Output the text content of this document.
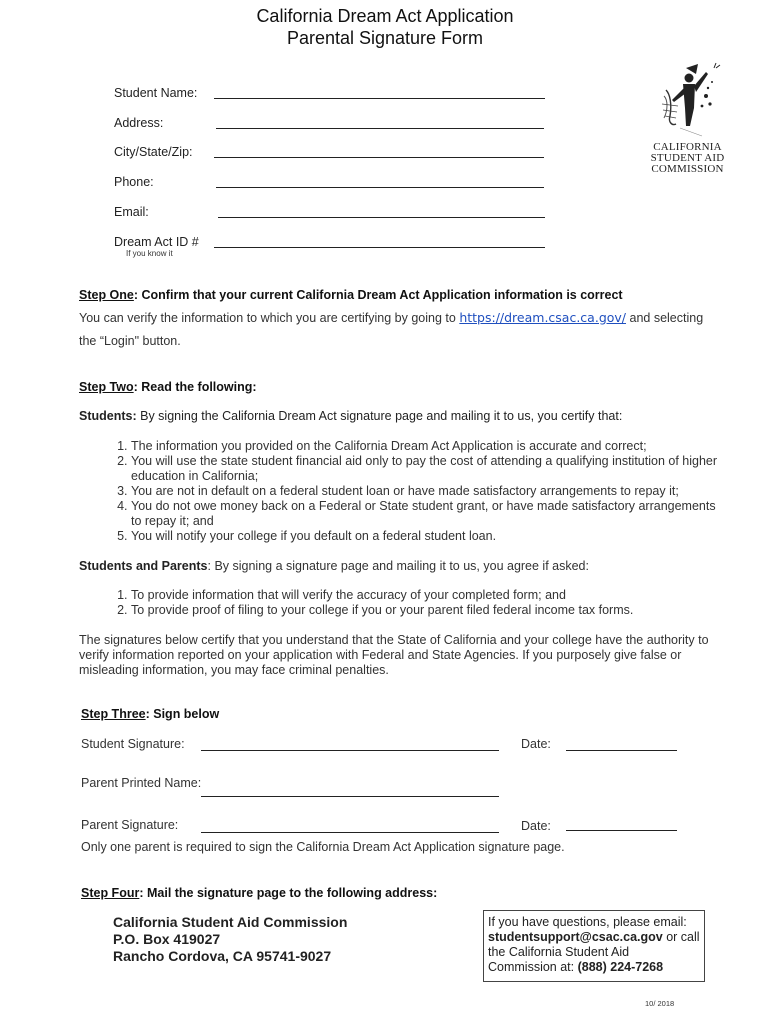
California Dream Act Application
Parental Signature Form
CALIFORNIA
STUDENT AID
COMMISSION
Student Name:
Address:
City/State/Zip:
Phone:
Email:
Dream Act ID #
If you know it
Step One: Confirm that your current California Dream Act Application information is correct
You can verify the information to which you are certifying by going to https://dream.csac.ca.gov/ and selecting
the “Login" button.
Step Two: Read the following:
Students: By signing the California Dream Act signature page and mailing it to us, you certify that:
1. The information you provided on the California Dream Act Application is accurate and correct;
2. You will use the state student financial aid only to pay the cost of attending a qualifying institution of higher education in California;
3. You are not in default on a federal student loan or have made satisfactory arrangements to repay it;
4. You do not owe money back on a Federal or State student grant, or have made satisfactory arrangements to repay it; and
5. You will notify your college if you default on a federal student loan.
Students and Parents: By signing a signature page and mailing it to us, you agree if asked:
1. To provide information that will verify the accuracy of your completed form; and
2. To provide proof of filing to your college if you or your parent filed federal income tax forms.
The signatures below certify that you understand that the State of California and your college have the authority to verify information reported on your application with Federal and State Agencies. If you purposely give false or misleading information, you may face criminal penalties.
Step Three: Sign below
Student Signature:	Date:
Parent Printed Name:
Parent Signature:	Date:
Only one parent is required to sign the California Dream Act Application signature page.
Step Four: Mail the signature page to the following address:
California Student Aid Commission
P.O. Box 419027
Rancho Cordova, CA 95741-9027
If you have questions, please email:
studentsupport@csac.ca.gov or call
the California Student Aid
Commission at: (888) 224-7268
10/ 2018
